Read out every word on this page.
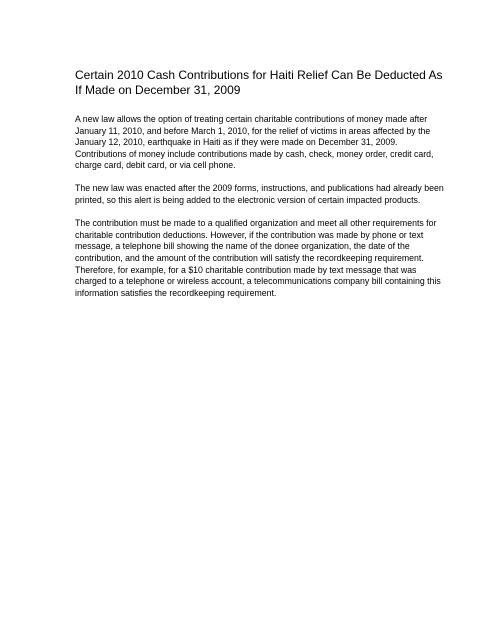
Certain 2010 Cash Contributions for Haiti Relief Can Be Deducted As If Made on December 31, 2009

A new law allows the option of treating certain charitable contributions of money made after January 11, 2010, and before March 1, 2010, for the relief of victims in areas affected by the January 12, 2010, earthquake in Haiti as if they were made on December 31, 2009. Contributions of money include contributions made by cash, check, money order, credit card, charge card, debit card, or via cell phone.

The new law was enacted after the 2009 forms, instructions, and publications had already been printed, so this alert is being added to the electronic version of certain impacted products.

The contribution must be made to a qualified organization and meet all other requirements for charitable contribution deductions. However, if the contribution was made by phone or text message, a telephone bill showing the name of the donee organization, the date of the contribution, and the amount of the contribution will satisfy the recordkeeping requirement. Therefore, for example, for a $10 charitable contribution made by text message that was charged to a telephone or wireless account, a telecommunications company bill containing this information satisfies the recordkeeping requirement.
